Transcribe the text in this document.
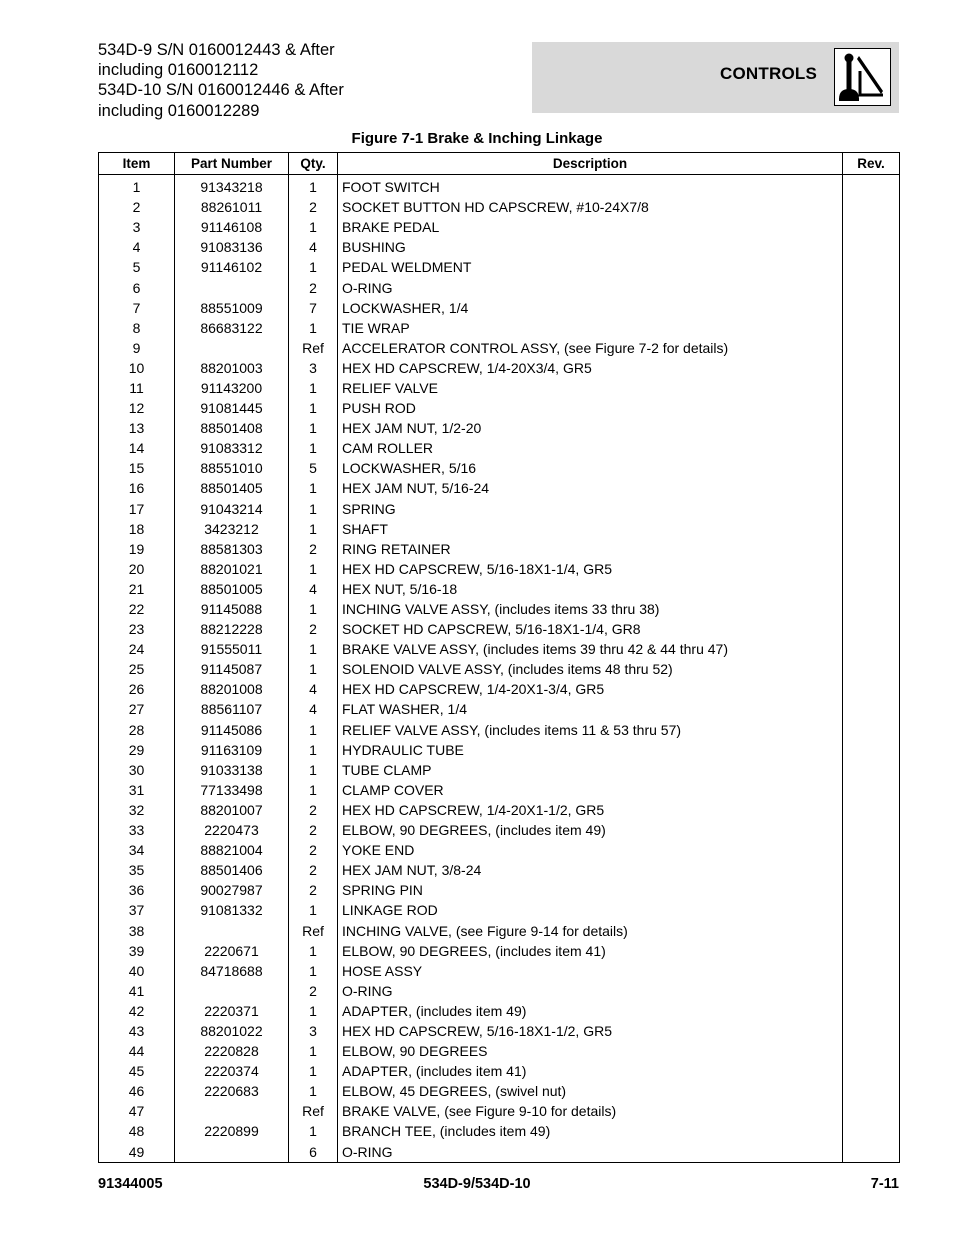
534D-9 S/N 0160012443 & After
including 0160012112
534D-10 S/N 0160012446 & After
including 0160012289
CONTROLS
Figure 7-1 Brake & Inching Linkage
Item	Part Number	Qty.	Description	Rev.
1	91343218	1	FOOT SWITCH	
2	88261011	2	SOCKET BUTTON HD CAPSCREW, #10-24X7/8	
3	91146108	1	BRAKE PEDAL	
4	91083136	4	BUSHING	
5	91146102	1	PEDAL WELDMENT	
6		2	O-RING	
7	88551009	7	LOCKWASHER, 1/4	
8	86683122	1	TIE WRAP	
9		Ref	ACCELERATOR CONTROL ASSY, (see Figure 7-2 for details)	
10	88201003	3	HEX HD CAPSCREW, 1/4-20X3/4, GR5	
11	91143200	1	RELIEF VALVE	
12	91081445	1	PUSH ROD	
13	88501408	1	HEX JAM NUT, 1/2-20	
14	91083312	1	CAM ROLLER	
15	88551010	5	LOCKWASHER, 5/16	
16	88501405	1	HEX JAM NUT, 5/16-24	
17	91043214	1	SPRING	
18	3423212	1	SHAFT	
19	88581303	2	RING RETAINER	
20	88201021	1	HEX HD CAPSCREW, 5/16-18X1-1/4, GR5	
21	88501005	4	HEX NUT, 5/16-18	
22	91145088	1	INCHING VALVE ASSY, (includes items 33 thru 38)	
23	88212228	2	SOCKET HD CAPSCREW, 5/16-18X1-1/4, GR8	
24	91555011	1	BRAKE VALVE ASSY, (includes items 39 thru 42 & 44 thru 47)	
25	91145087	1	SOLENOID VALVE ASSY, (includes items 48 thru 52)	
26	88201008	4	HEX HD CAPSCREW, 1/4-20X1-3/4, GR5	
27	88561107	4	FLAT WASHER, 1/4	
28	91145086	1	RELIEF VALVE ASSY, (includes items 11 & 53 thru 57)	
29	91163109	1	HYDRAULIC TUBE	
30	91033138	1	TUBE CLAMP	
31	77133498	1	CLAMP COVER	
32	88201007	2	HEX HD CAPSCREW, 1/4-20X1-1/2, GR5	
33	2220473	2	ELBOW, 90 DEGREES, (includes item 49)	
34	88821004	2	YOKE END	
35	88501406	2	HEX JAM NUT, 3/8-24	
36	90027987	2	SPRING PIN	
37	91081332	1	LINKAGE ROD	
38		Ref	INCHING VALVE, (see Figure 9-14 for details)	
39	2220671	1	ELBOW, 90 DEGREES, (includes item 41)	
40	84718688	1	HOSE ASSY	
41		2	O-RING	
42	2220371	1	ADAPTER, (includes item 49)	
43	88201022	3	HEX HD CAPSCREW, 5/16-18X1-1/2, GR5	
44	2220828	1	ELBOW, 90 DEGREES	
45	2220374	1	ADAPTER, (includes item 41)	
46	2220683	1	ELBOW, 45 DEGREES, (swivel nut)	
47		Ref	BRAKE VALVE, (see Figure 9-10 for details)	
48	2220899	1	BRANCH TEE, (includes item 49)	
49		6	O-RING	
91344005	534D-9/534D-10	7-11
